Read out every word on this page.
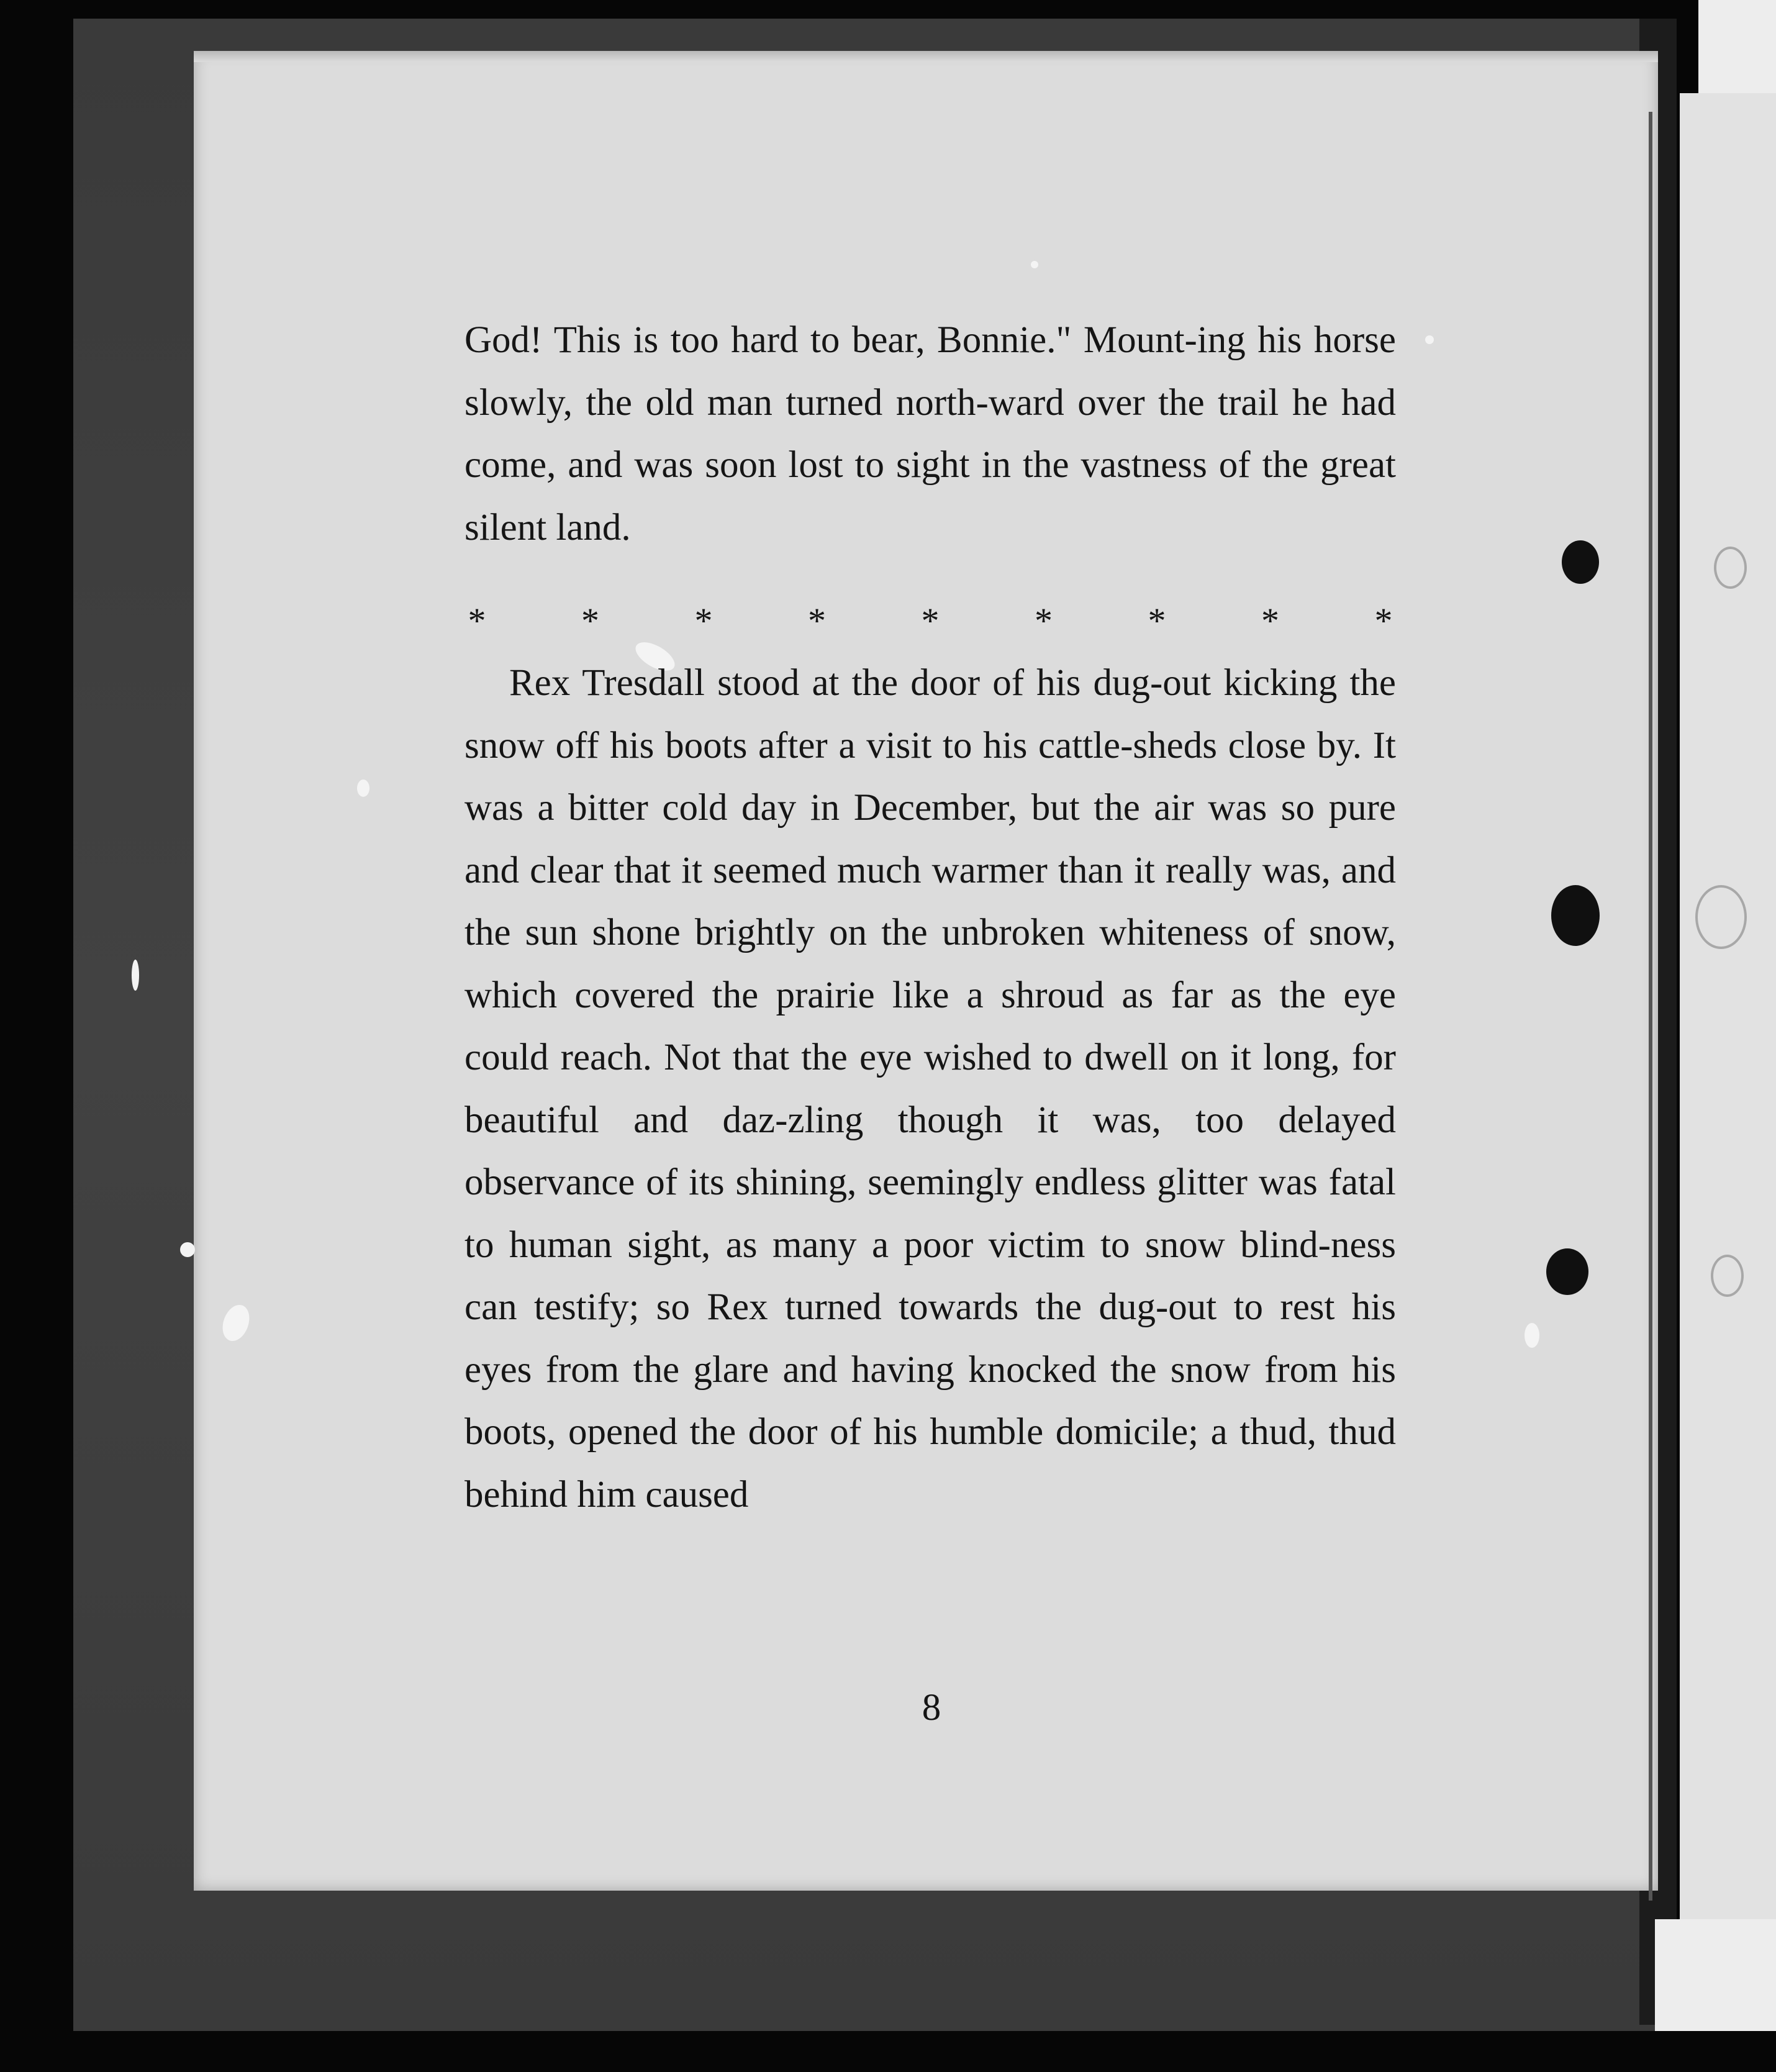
God! This is too hard to bear, Bonnie." Mount-ing his horse slowly, the old man turned north-ward over the trail he had come, and was soon lost to sight in the vastness of the great silent land.

*	*	*	*	*	*	*	*	*

Rex Tresdall stood at the door of his dug-out kicking the snow off his boots after a visit to his cattle-sheds close by. It was a bitter cold day in December, but the air was so pure and clear that it seemed much warmer than it really was, and the sun shone brightly on the unbroken whiteness of snow, which covered the prairie like a shroud as far as the eye could reach. Not that the eye wished to dwell on it long, for beautiful and daz-zling though it was, too delayed observance of its shining, seemingly endless glitter was fatal to human sight, as many a poor victim to snow blind-ness can testify; so Rex turned towards the dug-out to rest his eyes from the glare and having knocked the snow from his boots, opened the door of his humble domicile; a thud, thud behind him caused

8
